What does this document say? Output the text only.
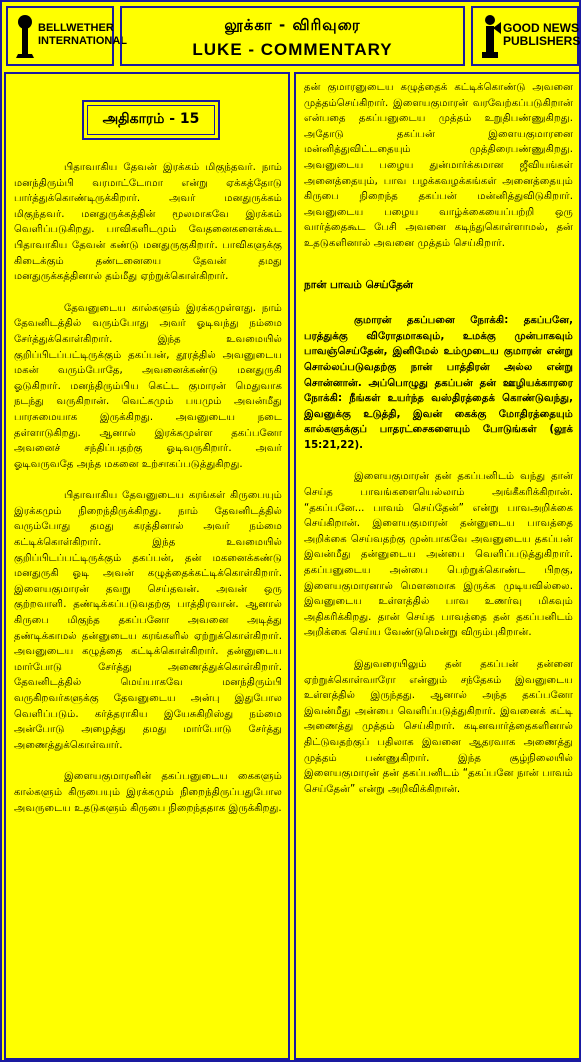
BELLWETHER
INTERNATIONAL
லூக்கா - விரிவுரை
LUKE - COMMENTARY
GOOD NEWS
PUBLISHERS
அதிகாரம் - 15

பிதாவாகிய தேவன் இரக்கம் மிகுந்தவர். நாம் மனந்திரும்பி வரமாட்டோமா என்று ஏக்கத்தோடு பார்த்துக்கொண்டிருக்கிறார். அவர் மனதுருக்கம் மிகுந்தவர். மனதுருக்கத்தின் மூலமாகவே இரக்கம் வெளிப்படுகிறது. பாவிகளிடமும் வேதனைகளைக்கூட பிதாவாகிய தேவன் கண்டு மனதுருகுகிறார். பாவிகளுக்கு கிடைக்கும் தண்டனையை தேவன் தமது மனதுருக்கத்தினால் தம்மீது ஏற்றுக்கொள்கிறார்.

தேவனுடைய கால்களும் இரக்கமுள்ளது. நாம் தேவனிடத்தில் வரும்போது அவர் ஓடிவந்து நம்மை சேர்த்துக்கொள்கிறார். இந்த உவமையில் குறிப்பிடப்பட்டிருக்கும் தகப்பன், தூரத்தில் அவனுடைய மகன் வரும்போதே, அவனைக்கண்டு மனதுருகி ஓடுகிறார். மனந்திரும்பிய கெட்ட குமாரன் மெதுவாக நடந்து வருகிறான். வெட்கமும் பயமும் அவன்மீது பாரசுமையாக இருக்கிறது. அவனுடைய நடை தள்ளாடுகிறது. ஆனால் இரக்கமுள்ள தகப்பனோ அவனைச் சந்திப்பதற்கு ஓடிவருகிறார். அவர் ஓடிவருவதே அந்த மகனை உற்சாகப்படுத்துகிறது.

பிதாவாகிய தேவனுடைய கரங்கள் கிருபையும் இரக்கமும் நிறைந்திருக்கிறது. நாம் தேவனிடத்தில் வரும்போது தமது கரத்தினால் அவர் நம்மை கட்டிக்கொள்கிறார். இந்த உவமையில் குறிப்பிடப்பட்டிருக்கும் தகப்பன், தன் மகனைக்கண்டு மனதுருகி ஓடி அவன் கழுத்தைக்கட்டிக்கொள்கிறார். இளையகுமாரன் தவறு செய்தவன். அவன் ஒரு குற்றவாளி. தண்டிக்கப்படுவதற்கு பாத்திரவான். ஆனால் கிருபை மிகுந்த தகப்பனோ அவனை அடித்து தண்டிக்காமல் தன்னுடைய கரங்களில் ஏற்றுக்கொள்கிறார். அவனுடைய கழுத்தை கட்டிக்கொள்கிறார். தன்னுடைய மார்போடு சேர்த்து அணைத்துக்கொள்கிறார். தேவனிடத்தில் மெய்யாகவே மனந்திரும்பி வருகிறவர்களுக்கு தேவனுடைய அன்பு இதுபோல வெளிப்படும். கர்த்தராகிய இயேசுகிறிஸ்து நம்மை அன்போடு அழைத்து தமது மார்போடு சேர்த்து அணைத்துக்கொள்வார்.

இளையகுமாரனின் தகப்பனுடைய கைகளும் கால்களும் கிருபையும் இரக்கமும் நிறைந்திருப்பதுபோல அவருடைய உதடுகளும் கிருபை நிறைந்ததாக இருக்கிறது.

தன் குமாரனுடைய கழுத்தைக் கட்டிக்கொண்டு அவனை முத்தம்செய்கிறார். இளையகுமாரன் வரவேற்கப்படுகிறான் என்பதை தகப்பனுடைய முத்தம் உறுதிபண்ணுகிறது. அதோடு தகப்பன் இளையகுமாரனை மன்னித்துவிட்டதையும் முத்திரைபண்ணுகிறது. அவனுடைய பழைய துன்மார்க்கமான ஜீவியங்கள் அனைத்தையும், பாவ பழக்கவழக்கங்கள் அனைத்தையும் கிருபை நிறைந்த தகப்பன் மன்னித்துவிடுகிறார். அவனுடைய பழைய வாழ்க்கையைப்பற்றி ஒரு வார்த்தைகூட பேசி அவனை கடிந்துகொள்ளாமல், தன் உதடுகளினால் அவனை முத்தம் செய்கிறார்.

நான் பாவம் செய்தேன்
குமாரன் தகப்பனை நோக்கி: தகப்பனே, பரத்துக்கு விரோதமாகவும், உமக்கு முன்பாகவும் பாவஞ்செய்தேன், இனிமேல் உம்முடைய குமாரன் என்று சொல்லப்படுவதற்கு நான் பாத்திரன் அல்ல என்று சொன்னான். அப்பொழுது தகப்பன் தன் ஊழியக்காரரை நோக்கி: நீங்கள் உயர்ந்த வஸ்திரத்தைக் கொண்டுவந்து, இவனுக்கு உடுத்தி, இவன் கைக்கு மோதிரத்தையும் கால்களுக்குப் பாதரட்சைகளையும் போடுங்கள் (லூக் 15:21,22).

இளையகுமாரன் தன் தகப்பனிடம் வந்து தான் செய்த பாவங்களையெல்லாம் அங்கீகரிக்கிறான். “தகப்பனே... பாவம் செய்தேன்” என்று பாவஅறிக்கை செய்கிறான். இளையகுமாரன் தன்னுடைய பாவத்தை அறிக்கை செய்வதற்கு முன்பாகவே அவனுடைய தகப்பன் இவன்மீது தன்னுடைய அன்பை வெளிப்படுத்துகிறார். தகப்பனுடைய அன்பை பெற்றுக்கொண்ட பிறகு, இளையகுமாரனால் மௌனமாக இருக்க முடியவில்லை. இவனுடைய உள்ளத்தில் பாவ உணர்வு மிகவும் அதிகரிக்கிறது. தான் செய்த பாவத்தை தன் தகப்பனிடம் அறிக்கை செய்ய வேண்டுமென்று விரும்புகிறான்.

இதுவரையிலும் தன் தகப்பன் தன்னை ஏற்றுக்கொள்வாரோ என்னும் சந்தேகம் இவனுடைய உள்ளத்தில் இருந்தது. ஆனால் அந்த தகப்பனோ இவன்மீது அன்பை வெளிப்படுத்துகிறார். இவனைக் கட்டி அணைத்து முத்தம் செய்கிறார். கடினவார்த்தைகளினால் திட்டுவதற்குப் பதிலாக இவனை ஆதரவாக அணைத்து முத்தம் பண்ணுகிறார். இந்த சூழ்நிலையில் இளையகுமாரன் தன் தகப்பனிடம் “தகப்பனே நான் பாவம் செய்தேன்” என்று அறிவிக்கிறான்.
